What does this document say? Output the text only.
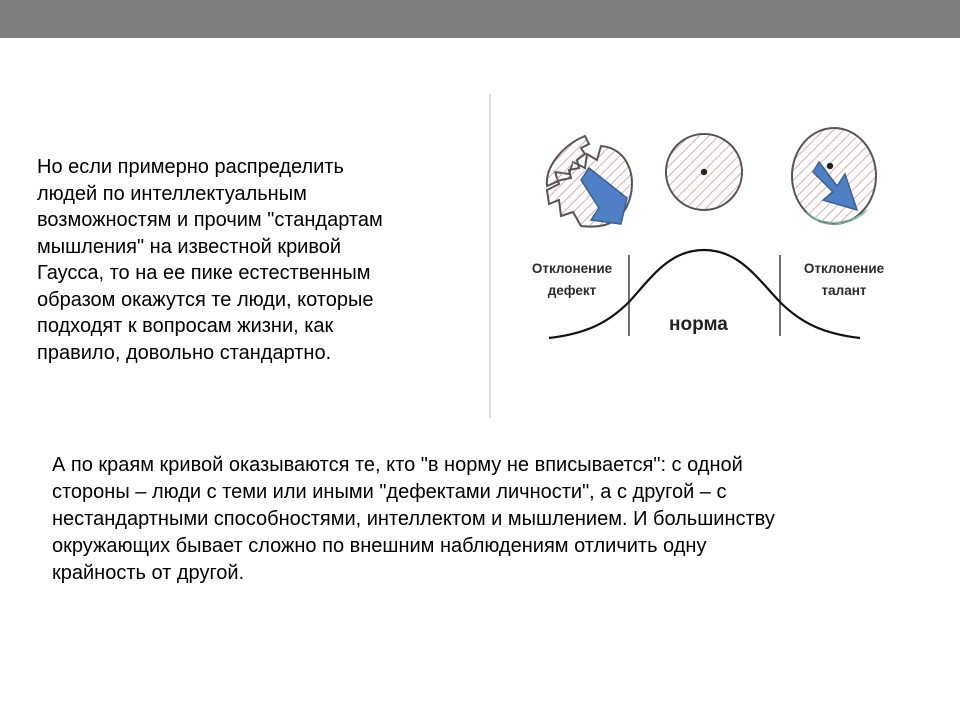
Но если примерно распределить
людей по интеллектуальным
возможностям и прочим "стандартам
мышления" на известной кривой
Гаусса, то на ее пике естественным
образом окажутся те люди, которые
подходят к вопросам жизни, как
правило, довольно стандартно.
Отклонение
дефект
Отклонение
талант
норма
А по краям кривой оказываются те, кто "в норму не вписывается": с одной
стороны – люди с теми или иными "дефектами личности", а с другой – с
нестандартными способностями, интеллектом и мышлением. И большинству
окружающих бывает сложно по внешним наблюдениям отличить одну
крайность от другой.
